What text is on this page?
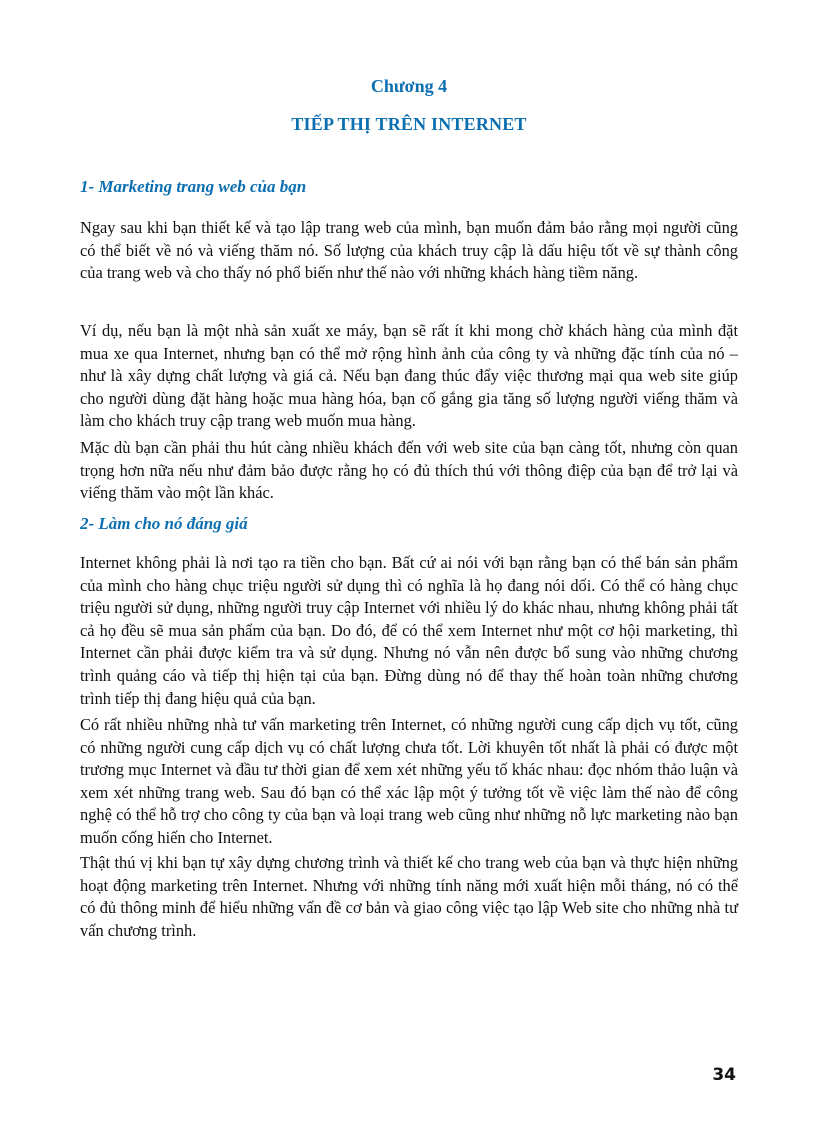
Chương 4
TIẾP THỊ TRÊN INTERNET
1- Marketing trang web của bạn

Ngay sau khi bạn thiết kế và tạo lập trang web của mình, bạn muốn đảm bảo rằng mọi người cũng có thể biết về nó và viếng thăm nó. Số lượng của khách truy cập là dấu hiệu tốt về sự thành công của trang web và cho thấy nó phổ biến như thế nào với những khách hàng tiềm năng.

Ví dụ, nếu bạn là một nhà sản xuất xe máy, bạn sẽ rất ít khi mong chờ khách hàng của mình đặt mua xe qua Internet, nhưng bạn có thể mở rộng hình ảnh của công ty và những đặc tính của nó – như là xây dựng chất lượng và giá cả. Nếu bạn đang thúc đẩy việc thương mại qua web site giúp cho người dùng đặt hàng hoặc mua hàng hóa, bạn cố gắng gia tăng số lượng người viếng thăm và làm cho khách truy cập trang web muốn mua hàng.

Mặc dù bạn cần phải thu hút càng nhiều khách đến với web site của bạn càng tốt, nhưng còn quan trọng hơn nữa nếu như đảm bảo được rằng họ có đủ thích thú với thông điệp của bạn để trở lại và viếng thăm vào một lần khác.

2- Làm cho nó đáng giá

Internet không phải là nơi tạo ra tiền cho bạn. Bất cứ ai nói với bạn rằng bạn có thể bán sản phẩm của mình cho hàng chục triệu người sử dụng thì có nghĩa là họ đang nói dối. Có thể có hàng chục triệu người sử dụng, những người truy cập Internet với nhiều lý do khác nhau, nhưng không phải tất cả họ đều sẽ mua sản phẩm của bạn. Do đó, để có thể xem Internet như một cơ hội marketing, thì Internet cần phải được kiểm tra và sử dụng. Nhưng nó vẫn nên được bổ sung vào những chương trình quảng cáo và tiếp thị hiện tại của bạn. Đừng dùng nó để thay thế hoàn toàn những chương trình tiếp thị đang hiệu quả của bạn.

Có rất nhiều những nhà tư vấn marketing trên Internet, có những người cung cấp dịch vụ tốt, cũng có những người cung cấp dịch vụ có chất lượng chưa tốt. Lời khuyên tốt nhất là phải có được một trương mục Internet và đầu tư thời gian để xem xét những yếu tố khác nhau: đọc nhóm thảo luận và xem xét những trang web. Sau đó bạn có thể xác lập một ý tưởng tốt về việc làm thế nào để công nghệ có thể hỗ trợ cho công ty của bạn và loại trang web cũng như những nỗ lực marketing nào bạn muốn cống hiến cho Internet.

Thật thú vị khi bạn tự xây dựng chương trình và thiết kế cho trang web của bạn và thực hiện những hoạt động marketing trên Internet. Nhưng với những tính năng mới xuất hiện mỗi tháng, nó có thể có đủ thông minh để hiểu những vấn đề cơ bản và giao công việc tạo lập Web site cho những nhà tư vấn chương trình.

34
